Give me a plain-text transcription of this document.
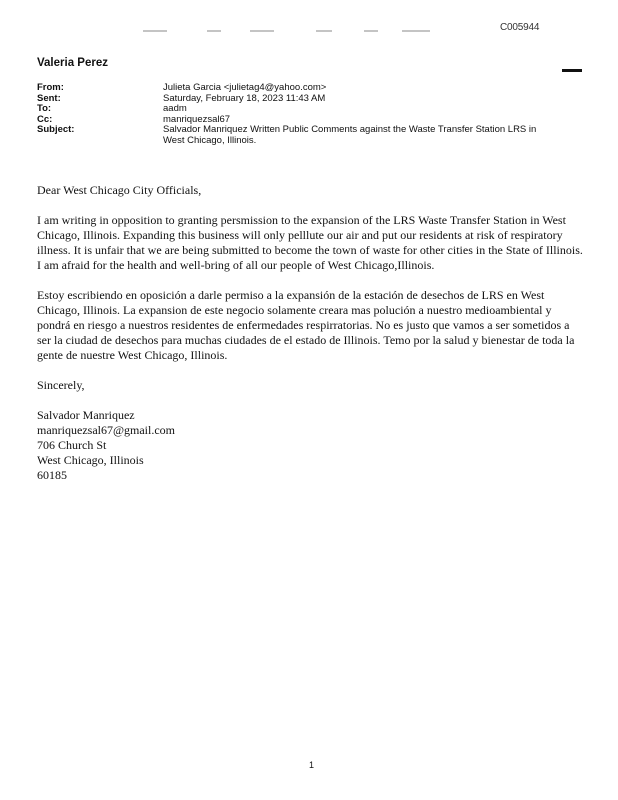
C005944
Valeria Perez
From:	Julieta Garcia <julietag4@yahoo.com>
Sent:	Saturday, February 18, 2023 11:43 AM
To:	aadm
Cc:	manriquezsal67
Subject:	Salvador Manriquez Written Public Comments against the Waste Transfer Station LRS in
West Chicago, Illinois.

Dear West Chicago City Officials,

I am writing in opposition to granting persmission to the expansion of the LRS Waste Transfer Station in West Chicago, Illinois. Expanding this business will only pelllute our air and put our residents at risk of respiratory illness. It is unfair that we are being submitted to become the town of waste for other cities in the State of Illinois. I am afraid for the health and well-bring of all our people of West Chicago,Illinois.

Estoy escribiendo en oposición a darle permiso a la expansión de la estación de desechos de LRS en West Chicago, Illinois. La expansion de este negocio solamente creara mas polución a nuestro medioambiental y pondrá en riesgo a nuestros residentes de enfermedades respirratorias. No es justo que vamos a ser sometidos a ser la ciudad de desechos para muchas ciudades de el estado de Illinois. Temo por la salud y bienestar de toda la gente de nuestre West Chicago, Illinois.

Sincerely,

Salvador Manriquez
manriquezsal67@gmail.com
706 Church St
West Chicago, Illinois
60185
1
